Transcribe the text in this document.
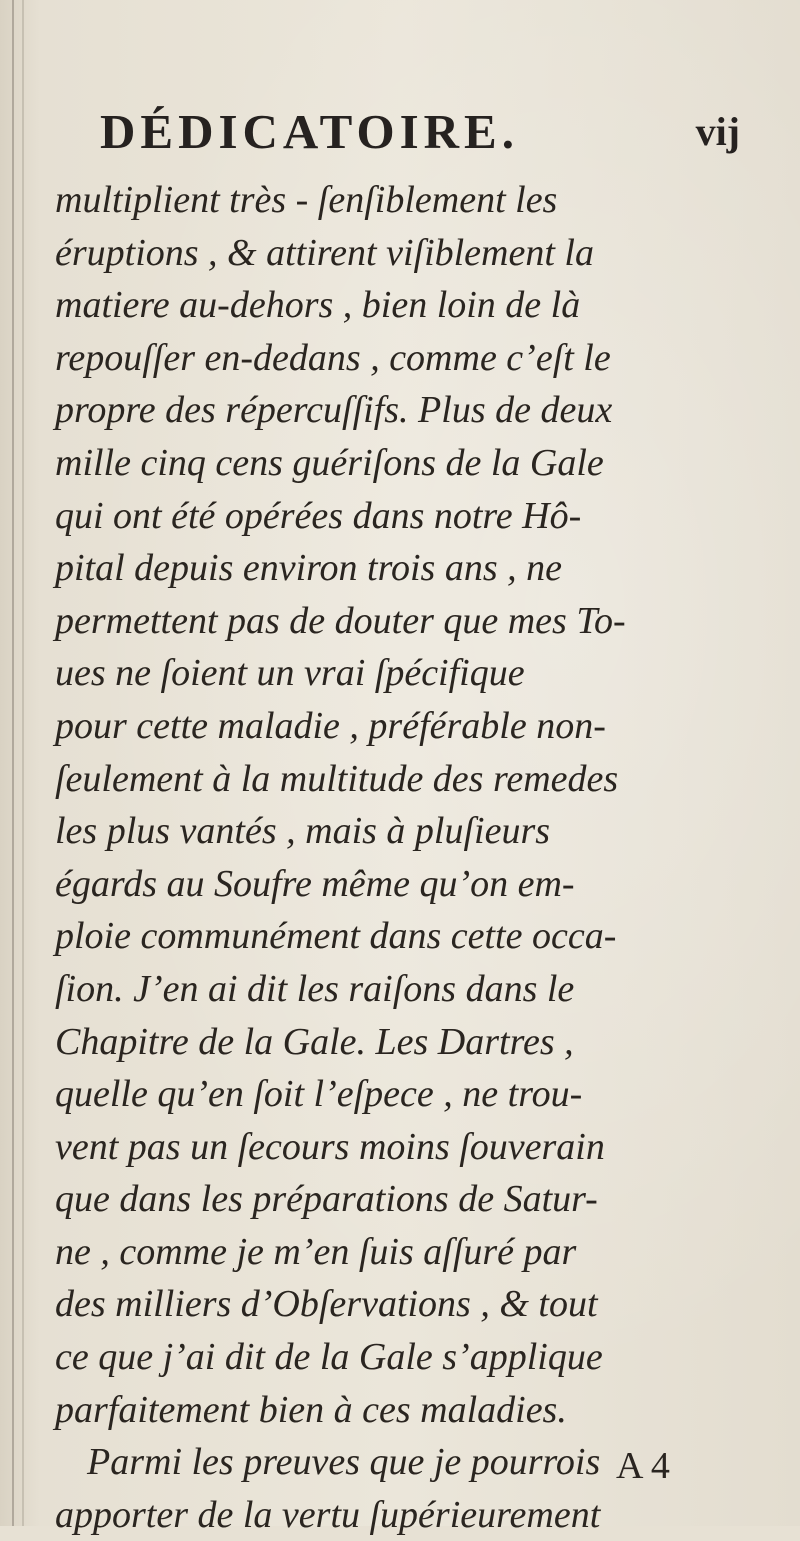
DÉDICATOIRE.	vij
multiplient très - ſenſiblement les
éruptions , & attirent viſiblement la
matiere au-dehors , bien loin de là
repouſſer en-dedans , comme c’eſt le
propre des répercuſſifs. Plus de deux
mille cinq cens guériſons de la Gale
qui ont été opérées dans notre Hô-
pital depuis environ trois ans , ne
permettent pas de douter que mes To-
ues ne ſoient un vrai ſpécifique
pour cette maladie , préférable non-
ſeulement à la multitude des remedes
les plus vantés , mais à pluſieurs
égards au Soufre même qu’on em-
ploie communément dans cette occa-
ſion. J’en ai dit les raiſons dans le
Chapitre de la Gale. Les Dartres ,
quelle qu’en ſoit l’eſpece , ne trou-
vent pas un ſecours moins ſouverain
que dans les préparations de Satur-
ne , comme je m’en ſuis aſſuré par
des milliers d’Obſervations , & tout
ce que j’ai dit de la Gale s’applique
parfaitement bien à ces maladies.
Parmi les preuves que je pourrois
apporter de la vertu ſupérieurement
A 4
